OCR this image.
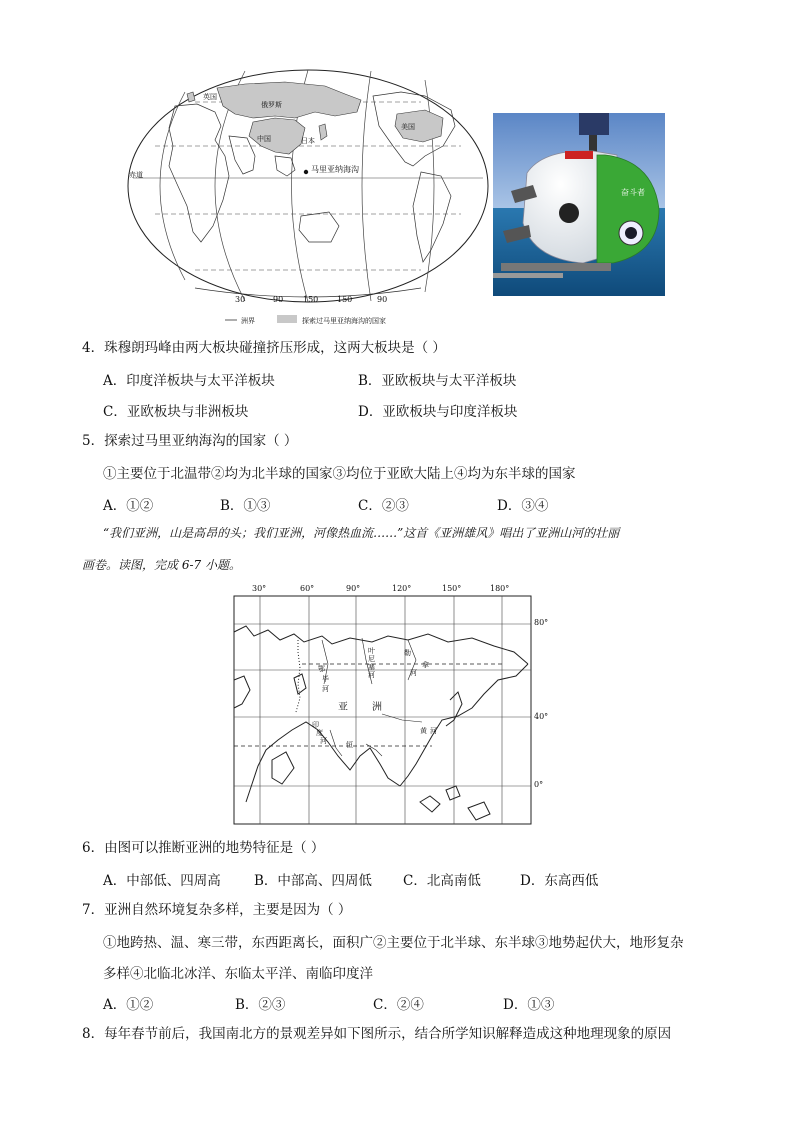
英国
俄罗斯
中国	日本
美国
赤道
马里亚纳海沟
30	90 150 150	90
洲界	探索过马里亚纳海沟的国家
奋斗者
4．珠穆朗玛峰由两大板块碰撞挤压形成，这两大板块是（ ）
A．印度洋板块与太平洋板块	B．亚欧板块与太平洋板块
C．亚欧板块与非洲板块	D．亚欧板块与印度洋板块
5．探索过马里亚纳海沟的国家（ ）
①主要位于北温带②均为北半球的国家③均位于亚欧大陆上④均为东半球的国家
A．①②	B．①③	C．②③	D．③④
“我们亚洲，山是高昂的头；我们亚洲，河像热血流……”这首《亚洲雄风》唱出了亚洲山河的壮丽
画卷。读图，完成 6-7 小题。
30°	60°	90°	120°	150°	180°
80°
40°
0°
亚 洲
叶
尼
塞
河
勒
拿
河
鄂
毕
河
黄 河
印
度
河	恒
6．由图可以推断亚洲的地势特征是（ ）
A．中部低、四周高 B．中部高、四周低 C．北高南低	D．东高西低
7．亚洲自然环境复杂多样，主要是因为（ ）
①地跨热、温、寒三带，东西距离长，面积广②主要位于北半球、东半球③地势起伏大，地形复杂
多样④北临北冰洋、东临太平洋、南临印度洋
A．①②	B．②③	C．②④	D．①③
8．每年春节前后，我国南北方的景观差异如下图所示，结合所学知识解释造成这种地理现象的原因
